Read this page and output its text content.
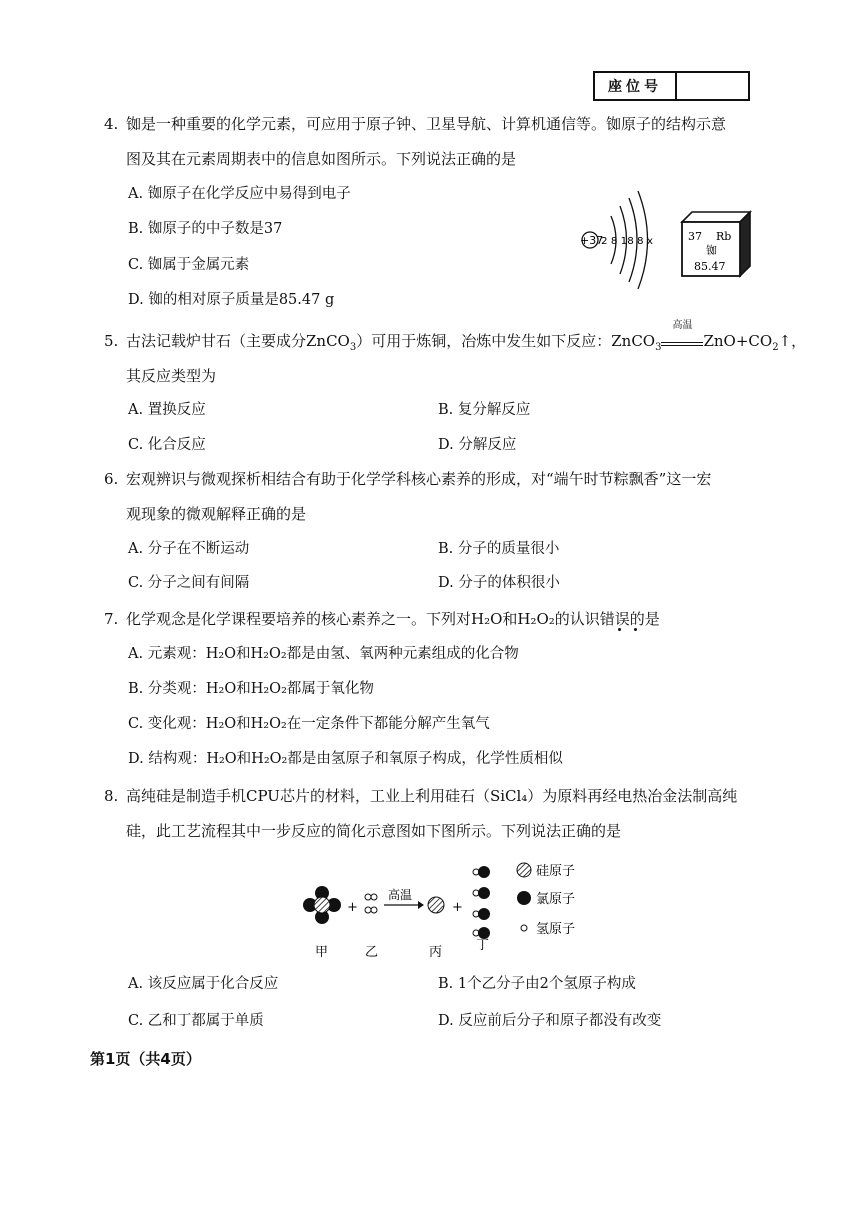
座位号
4. 铷是一种重要的化学元素，可应用于原子钟、卫星导航、计算机通信等。铷原子的结构示意
图及其在元素周期表中的信息如图所示。下列说法正确的是
A. 铷原子在化学反应中易得到电子
B. 铷原子的中子数是37
C. 铷属于金属元素
D. 铷的相对原子质量是85.47 g
+37
2 8 18 8 x	37 Rb
铷
85.47
5. 古法记载炉甘石（主要成分ZnCO$_3$）可用于炼铜，冶炼中发生如下反应：ZnCO$_3$
高温
$ZnO+CO_2↑$，
其反应类型为
A. 置换反应	B. 复分解反应
C. 化合反应	D. 分解反应
6. 宏观辨识与微观探析相结合有助于化学学科核心素养的形成，对“端午时节粽飘香”这一宏
观现象的微观解释正确的是
A. 分子在不断运动	B. 分子的质量很小
C. 分子之间有间隔	D. 分子的体积很小
7. 化学观念是化学课程要培养的核心素养之一。下列对H₂O和H₂O₂的认识错误的是
A. 元素观：H₂O和H₂O₂都是由氢、氧两种元素组成的化合物
B. 分类观：H₂O和H₂O₂都属于氧化物
C. 变化观：H₂O和H₂O₂在一定条件下都能分解产生氧气
D. 结构观：H₂O和H₂O₂都是由氢原子和氧原子构成，化学性质相似
8. 高纯硅是制造手机CPU芯片的材料，工业上利用硅石（SiCl₄）为原料再经电热冶金法制高纯
硅，此工艺流程其中一步反应的简化示意图如下图所示。下列说法正确的是
+
高温
+
甲	乙	丙	丁
硅原子
氯原子
氢原子
A. 该反应属于化合反应	B. 1个乙分子由2个氢原子构成
C. 乙和丁都属于单质	D. 反应前后分子和原子都没有改变
第1页（共4页）
